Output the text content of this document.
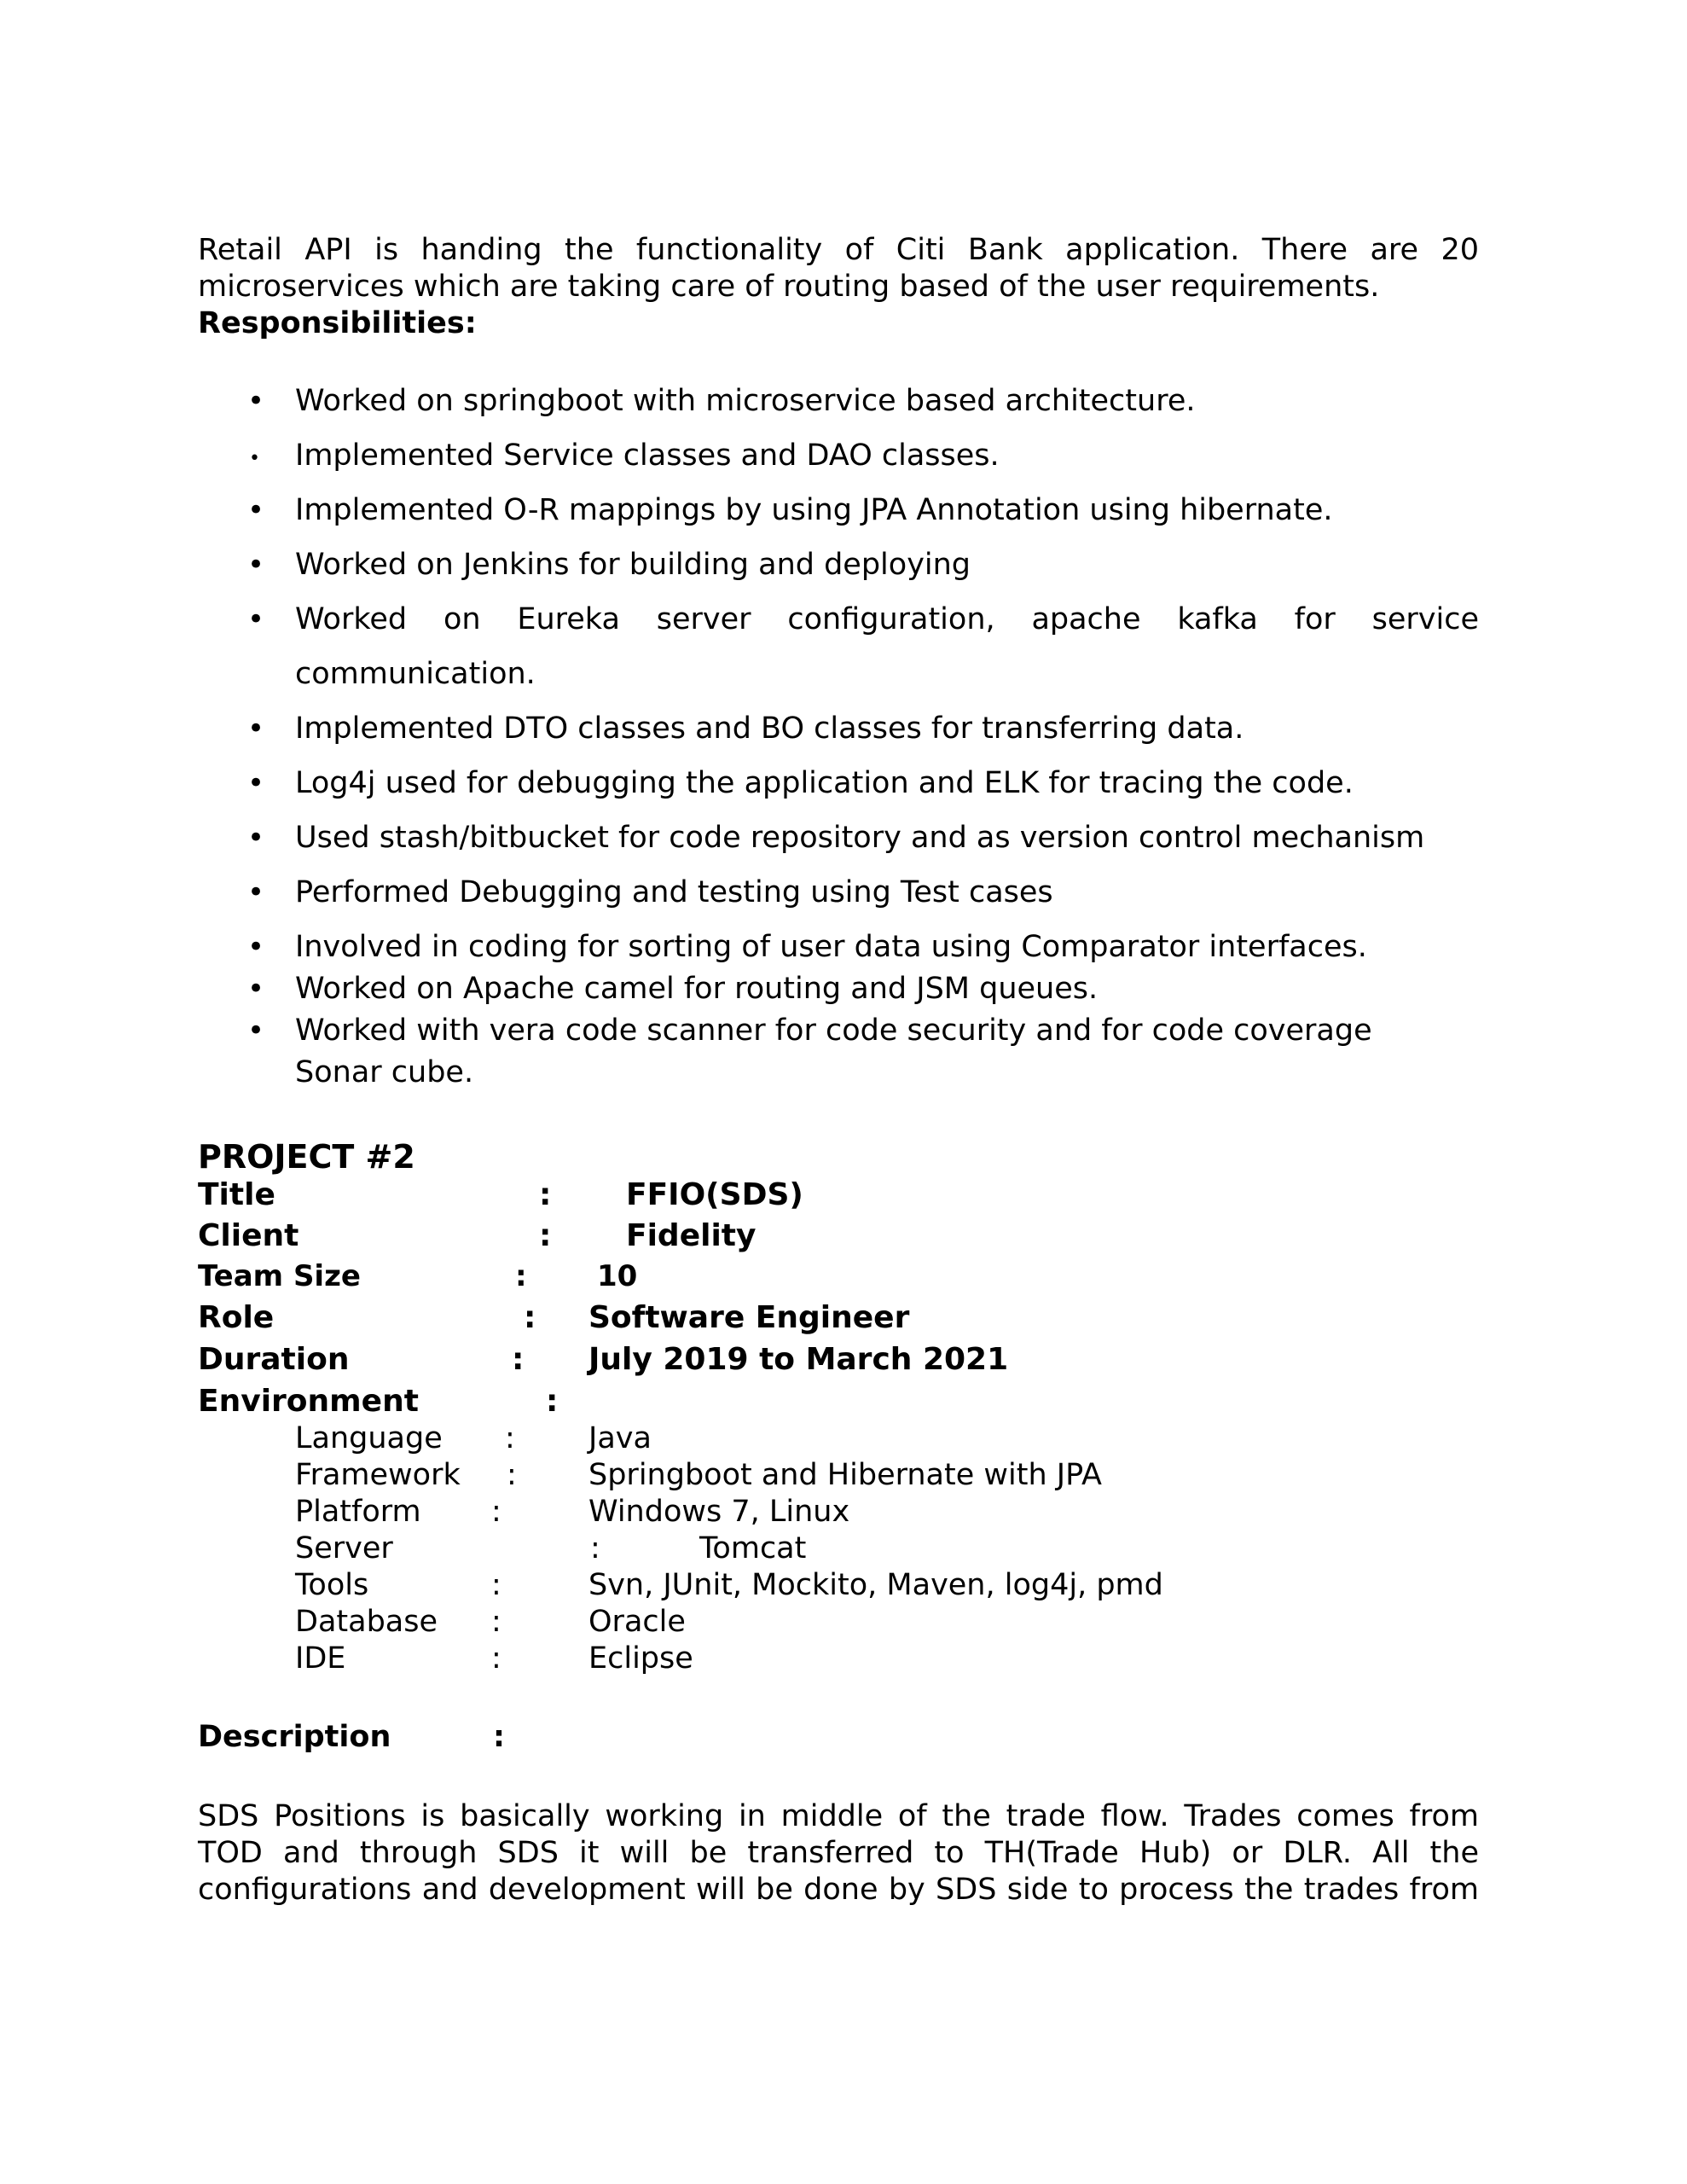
Retail API is handing the functionality of Citi Bank application. There are 20
microservices which are taking care of routing based of the user requirements.
Responsibilities:
• Worked on springboot with microservice based architecture.
• Implemented Service classes and DAO classes.
• Implemented O-R mappings by using JPA Annotation using hibernate.
• Worked on Jenkins for building and deploying
• Worked on Eureka server configuration, apache kafka for service
communication.
• Implemented DTO classes and BO classes for transferring data.
• Log4j used for debugging the application and ELK for tracing the code.
• Used stash/bitbucket for code repository and as version control mechanism
• Performed Debugging and testing using Test cases
• Involved in coding for sorting of user data using Comparator interfaces.
• Worked on Apache camel for routing and JSM queues.
• Worked with vera code scanner for code security and for code coverage
Sonar cube.
PROJECT #2
Title	: FFIO(SDS)
Client	: Fidelity
Team Size	: 10
Role	: Software Engineer
Duration	: July 2019 to March 2021
Environment	:
Language : Java
Framework : Springboot and Hibernate with JPA
Platform :	Windows 7, Linux
Server	:	Tomcat
Tools	:	Svn, JUnit, Mockito, Maven, log4j, pmd
Database :	Oracle
IDE	:	Eclipse
Description	:
SDS Positions is basically working in middle of the trade flow. Trades comes from
TOD and through SDS it will be transferred to TH(Trade Hub) or DLR. All the
configurations and development will be done by SDS side to process the trades from
